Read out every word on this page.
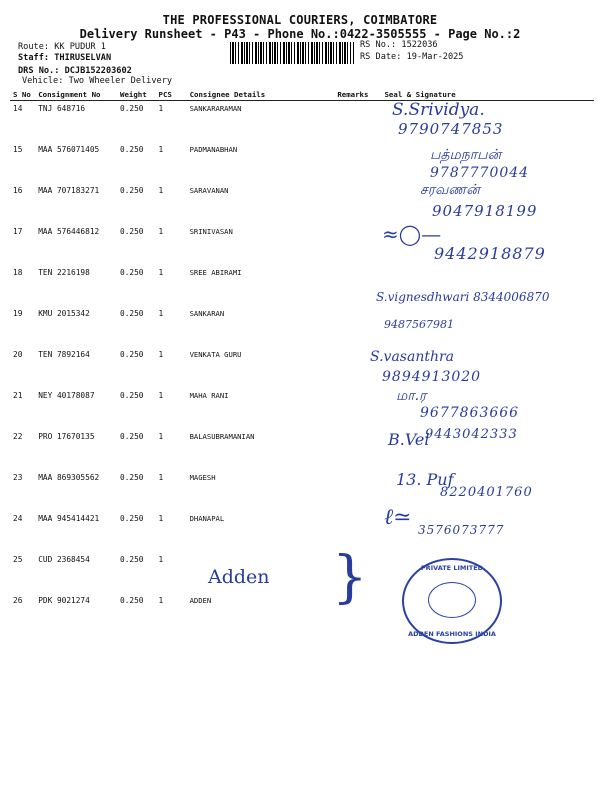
THE PROFESSIONAL COURIERS, COIMBATORE
Delivery Runsheet - P43 - Phone No.:0422-3505555 - Page No.:2
Route: KK PUDUR 1
Staff: THIRUSELVAN
DRS No.: DCJB152203602
Vehicle: Two Wheeler Delivery
RS No.: 1522036
RS Date: 19-Mar-2025
S No	Consignment No	Weight	PCS	Consignee Details	Remarks	Seal & Signature
14	TNJ 648716	0.250	1	SANKARARAMAN		
15	MAA 576071405	0.250	1	PADMANABHAN		
16	MAA 707183271	0.250	1	SARAVANAN		
17	MAA 576446812	0.250	1	SRINIVASAN		
18	TEN 2216198	0.250	1	SREE ABIRAMI		
19	KMU 2015342	0.250	1	SANKARAN		
20	TEN 7892164	0.250	1	VENKATA GURU		
21	NEY 40178087	0.250	1	MAHA RANI		
22	PRO 17670135	0.250	1	BALASUBRAMANIAN		
23	MAA 869305562	0.250	1	MAGESH		
24	MAA 945414421	0.250	1	DHANAPAL		
25	CUD 2368454	0.250	1			
26	PDK 9021274	0.250	1	ADDEN		
S.Srividya.
9790747853
பத்மநாபன்
9787770044
சரவணன்
9047918199
≈◯—
9442918879
S.vignesdhwari 8344006870
9487567981
S.vasanthra
9894913020
மா.ர
9677863666
B.Vel
9443042333
13. Puf
8220401760
ℓ≃ 3576073777
Adden }	PRIVATE LIMITED
ADDEN FASHIONS INDIA
